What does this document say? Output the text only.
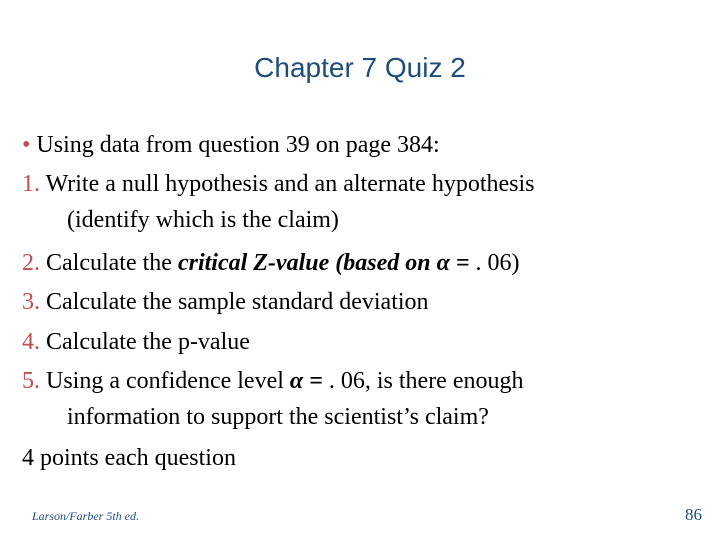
Chapter 7 Quiz 2
• Using data from question 39 on page 384:
1. Write a null hypothesis and an alternate hypothesis
(identify which is the claim)
2. Calculate the critical Z-value (based on α = . 06)
3. Calculate the sample standard deviation
4. Calculate the p-value
5. Using a confidence level α = . 06, is there enough
information to support the scientist’s claim?
4 points each question
Larson/Farber 5th ed.	86
